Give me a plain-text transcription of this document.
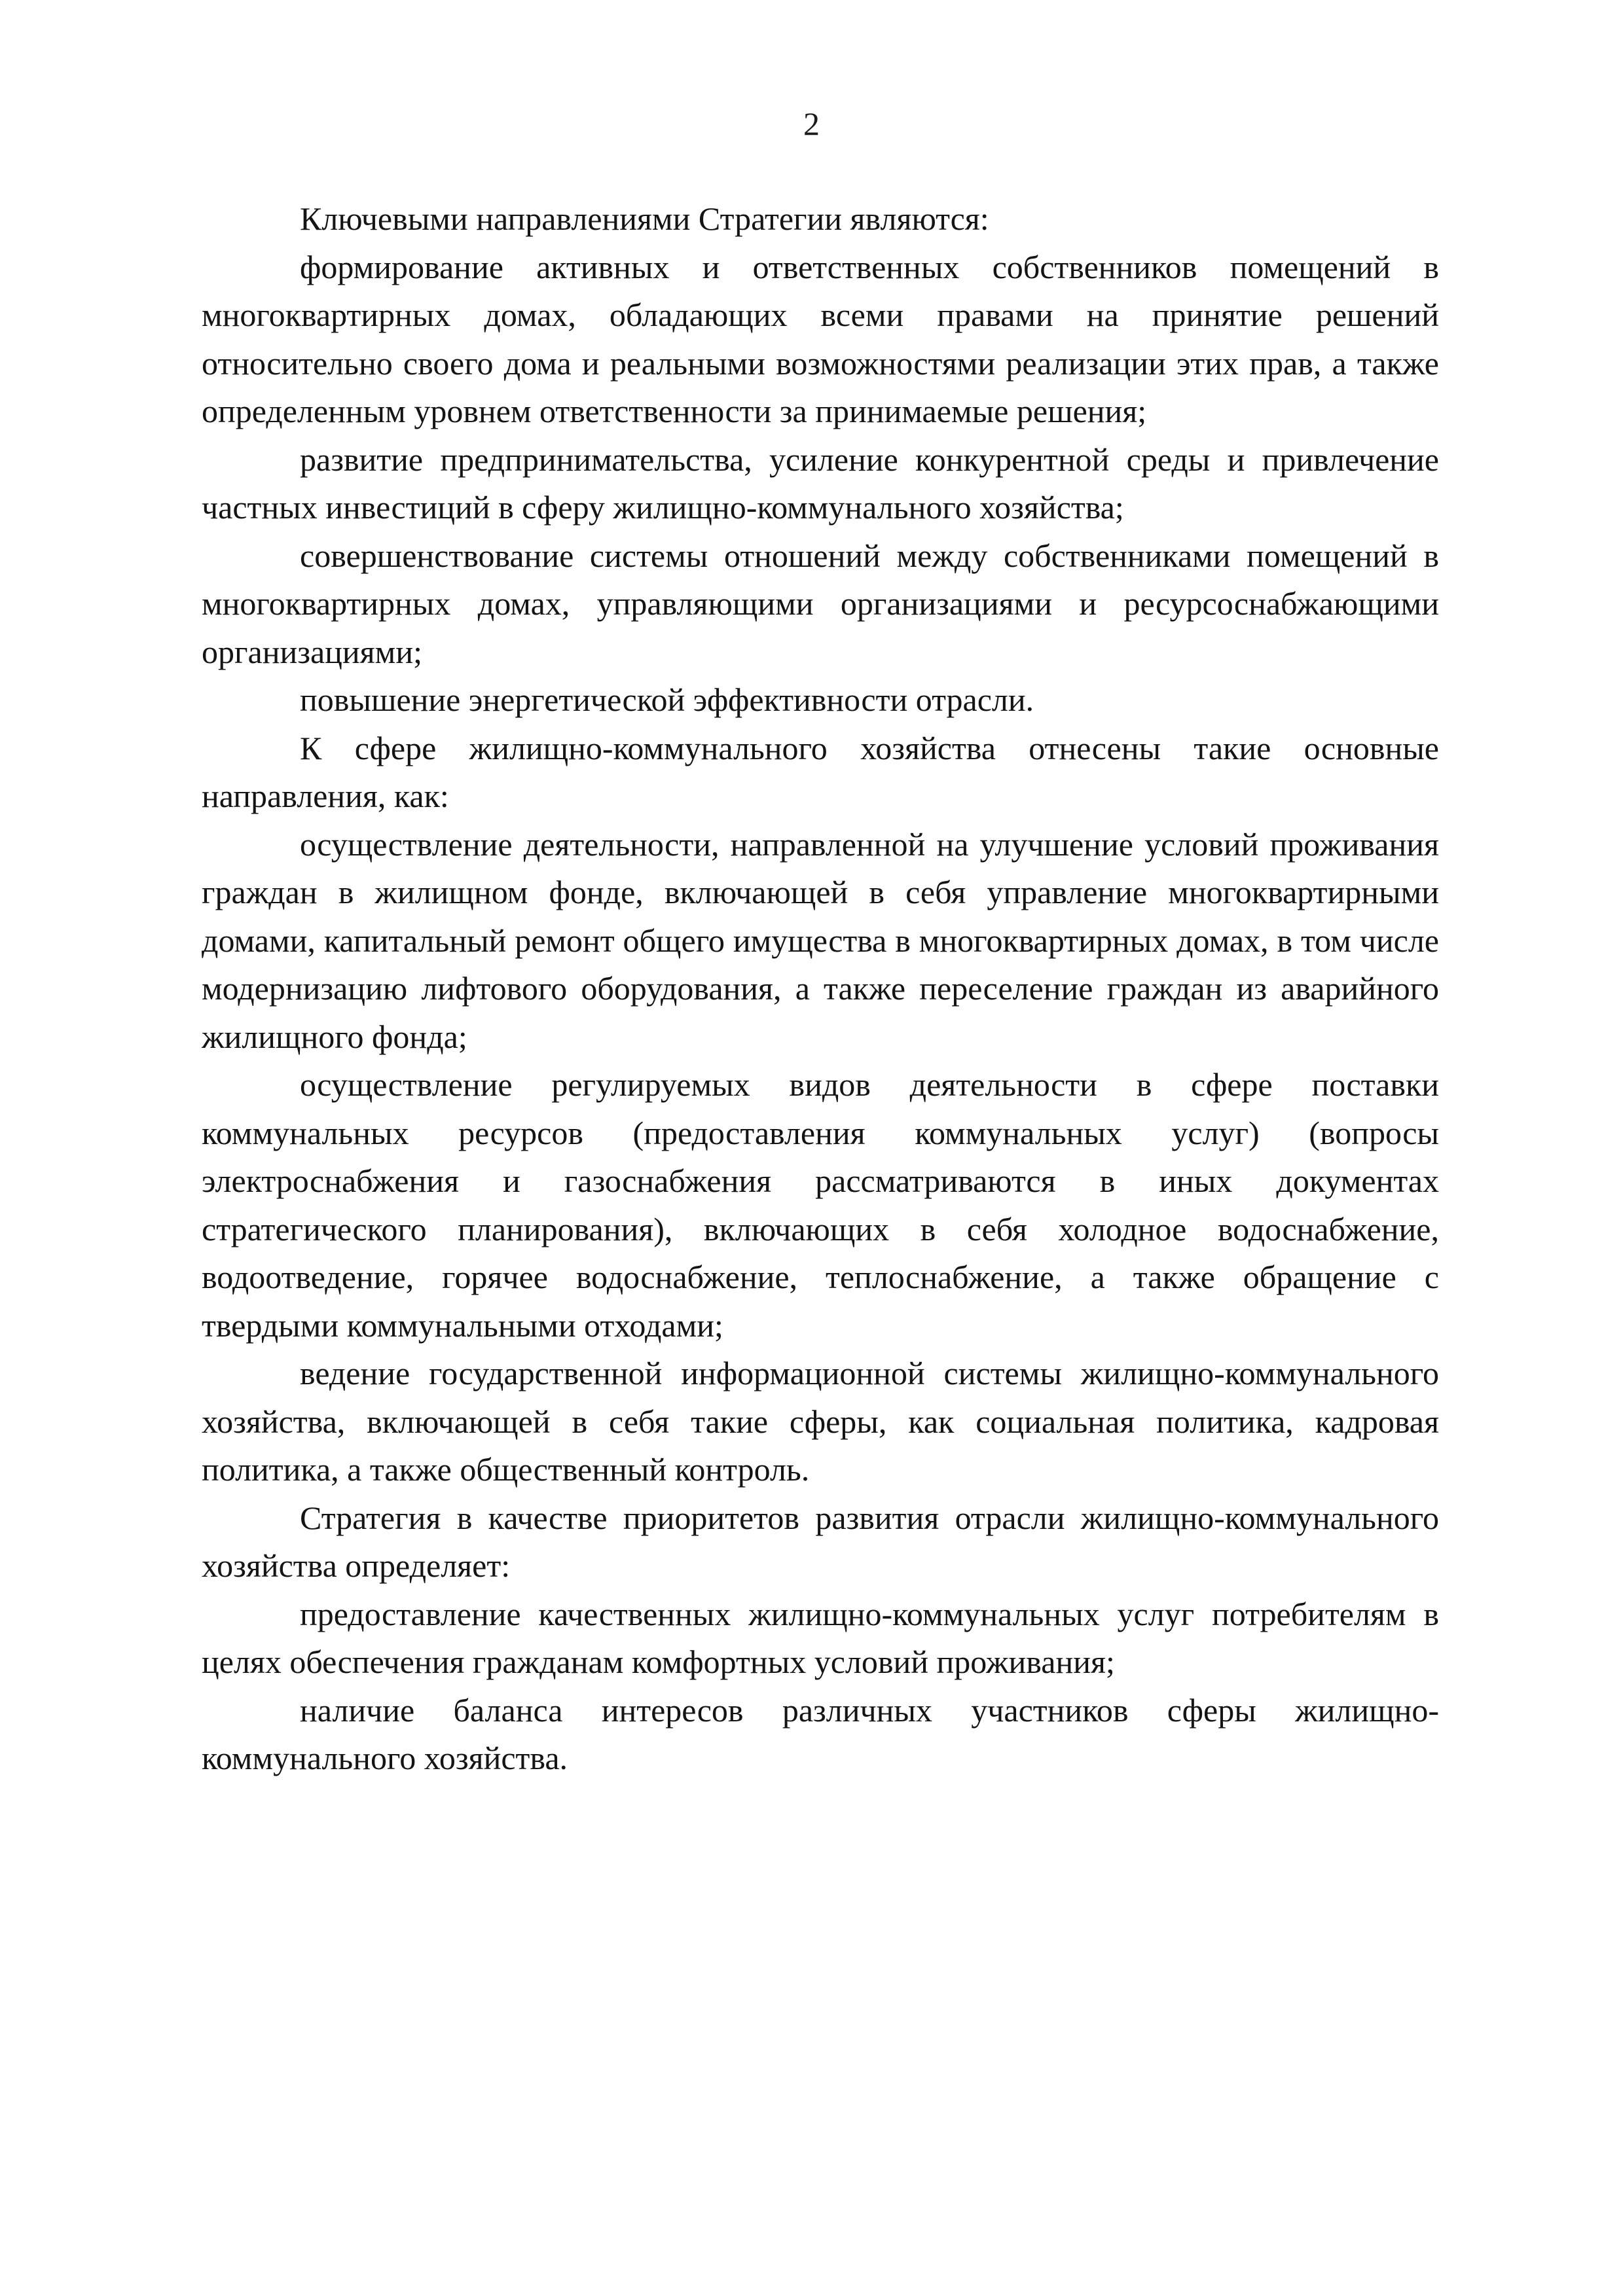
2

Ключевыми направлениями Стратегии являются:

формирование активных и ответственных собственников помещений в многоквартирных домах, обладающих всеми правами на принятие решений относительно своего дома и реальными возможностями реализации этих прав, а также определенным уровнем ответственности за принимаемые решения;

развитие предпринимательства, усиление конкурентной среды и привлечение частных инвестиций в сферу жилищно-коммунального хозяйства;

совершенствование системы отношений между собственниками помещений в многоквартирных домах, управляющими организациями и ресурсоснабжающими организациями;

повышение энергетической эффективности отрасли.

К сфере жилищно-коммунального хозяйства отнесены такие основные направления, как:

осуществление деятельности, направленной на улучшение условий проживания граждан в жилищном фонде, включающей в себя управление многоквартирными домами, капитальный ремонт общего имущества в многоквартирных домах, в том числе модернизацию лифтового оборудования, а также переселение граждан из аварийного жилищного фонда;

осуществление регулируемых видов деятельности в сфере поставки коммунальных ресурсов (предоставления коммунальных услуг) (вопросы электроснабжения и газоснабжения рассматриваются в иных документах стратегического планирования), включающих в себя холодное водоснабжение, водоотведение, горячее водоснабжение, теплоснабжение, а также обращение с твердыми коммунальными отходами;

ведение государственной информационной системы жилищно-коммунального хозяйства, включающей в себя такие сферы, как социальная политика, кадровая политика, а также общественный контроль.

Стратегия в качестве приоритетов развития отрасли жилищно-коммунального хозяйства определяет:

предоставление качественных жилищно-коммунальных услуг потребителям в целях обеспечения гражданам комфортных условий проживания;

наличие баланса интересов различных участников сферы жилищно-коммунального хозяйства.
